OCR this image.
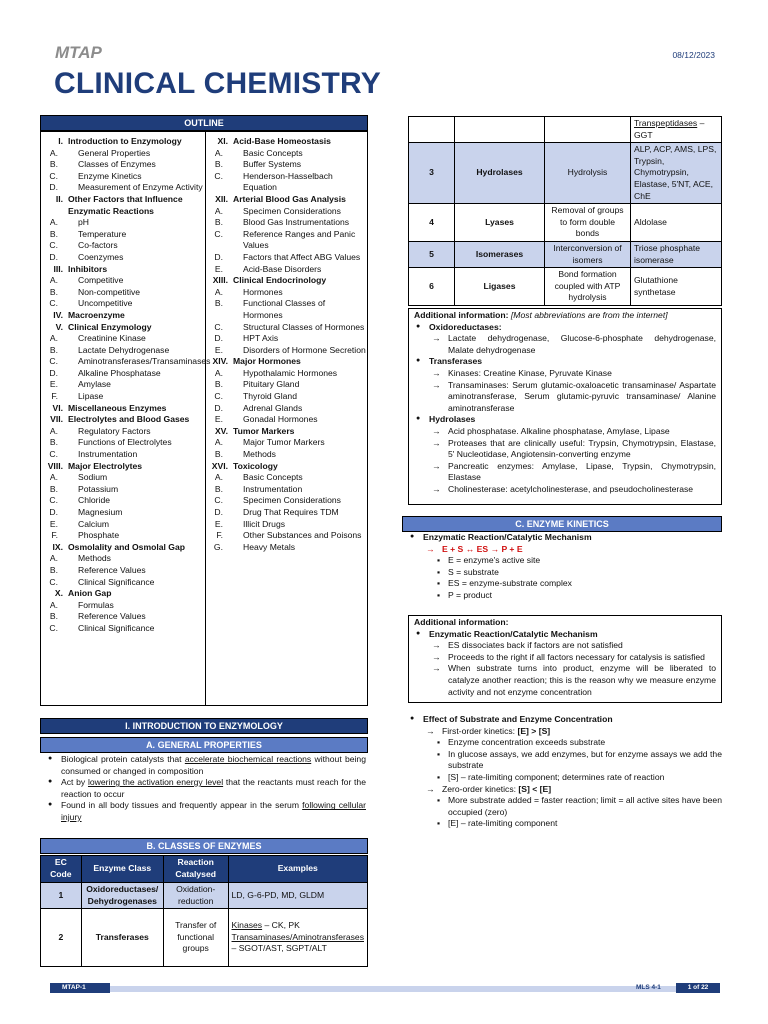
MTAP	08/12/2023
CLINICAL CHEMISTRY
OUTLINE
I. Introduction to Enzymology
A.	General Properties
B.	Classes of Enzymes
C.	Enzyme Kinetics
D.	Measurement of Enzyme Activity
II. Other Factors that Influence Enzymatic Reactions
A.	pH
B.	Temperature
C.	Co-factors
D.	Coenzymes
III. Inhibitors
A.	Competitive
B.	Non-competitive
C.	Uncompetitive
IV. Macroenzyme
V. Clinical Enzymology
A.	Creatinine Kinase
B.	Lactate Dehydrogenase
C.	Aminotransferases/Transaminases
D.	Alkaline Phosphatase
E.	Amylase
F.	Lipase
VI. Miscellaneous Enzymes
VII. Electrolytes and Blood Gases
A.	Regulatory Factors
B.	Functions of Electrolytes
C.	Instrumentation
VIII. Major Electrolytes
A.	Sodium
B.	Potassium
C.	Chloride
D.	Magnesium
E.	Calcium
F.	Phosphate
IX. Osmolality and Osmolal Gap
A.	Methods
B.	Reference Values
C.	Clinical Significance
X. Anion Gap
A.	Formulas
B.	Reference Values
C.	Clinical Significance
XI. Acid-Base Homeostasis
A.	Basic Concepts
B.	Buffer Systems
C.	Henderson-Hasselbach Equation
XII. Arterial Blood Gas Analysis
A.	Specimen Considerations
B.	Blood Gas Instrumentations
C.	Reference Ranges and Panic Values
D.	Factors that Affect ABG Values
E.	Acid-Base Disorders
XIII. Clinical Endocrinology
A.	Hormones
B.	Functional Classes of Hormones
C.	Structural Classes of Hormones
D.	HPT Axis
E.	Disorders of Hormone Secretion
XIV. Major Hormones
A.	Hypothalamic Hormones
B.	Pituitary Gland
C.	Thyroid Gland
D.	Adrenal Glands
E.	Gonadal Hormones
XV. Tumor Markers
A.	Major Tumor Markers
B.	Methods
XVI. Toxicology
A.	Basic Concepts
B.	Instrumentation
C.	Specimen Considerations
D.	Drug That Requires TDM
E.	Illicit Drugs
F.	Other Substances and Poisons
G.	Heavy Metals
I. INTRODUCTION TO ENZYMOLOGY
A. GENERAL PROPERTIES
● Biological protein catalysts that accelerate biochemical reactions without being consumed or changed in composition
● Act by lowering the activation energy level that the reactants must reach for the reaction to occur
● Found in all body tissues and frequently appear in the serum following cellular injury
B. CLASSES OF ENZYMES
EC Code	Enzyme Class	Reaction Catalysed	Examples
1	Oxidoreductases/ Dehydrogenases	Oxidation-reduction	LD, G-6-PD, MD, GLDM
2	Transferases	Transfer of functional groups	Kinases – CK, PK
Transaminases/Aminotransferases – SGOT/AST, SGPT/ALT
			Transpeptidases – GGT
3	Hydrolases	Hydrolysis	ALP, ACP, AMS, LPS, Trypsin, Chymotrypsin, Elastase, 5'NT, ACE, ChE
4	Lyases	Removal of groups to form double bonds	Aldolase
5	Isomerases	Interconversion of isomers	Triose phosphate isomerase
6	Ligases	Bond formation coupled with ATP hydrolysis	Glutathione synthetase
Additional information: [Most abbreviations are from the internet]
● Oxidoreductases:
→ Lactate dehydrogenase, Glucose-6-phosphate dehydrogenase, Malate dehydrogenase
● Transferases
→ Kinases: Creatine Kinase, Pyruvate Kinase
→ Transaminases: Serum glutamic-oxaloacetic transaminase/ Aspartate aminotransferase, Serum glutamic-pyruvic transaminase/ Alanine aminotransferase
● Hydrolases
→ Acid phosphatase. Alkaline phosphatase, Amylase, Lipase
→ Proteases that are clinically useful: Trypsin, Chymotrypsin, Elastase, 5' Nucleotidase, Angiotensin-converting enzyme
→ Pancreatic enzymes: Amylase, Lipase, Trypsin, Chymotrypsin, Elastase
→ Cholinesterase: acetylcholinesterase, and pseudocholinesterase
C. ENZYME KINETICS
● Enzymatic Reaction/Catalytic Mechanism
→ E + S ↔ ES → P + E
▪ E = enzyme's active site
▪ S = substrate
▪ ES = enzyme-substrate complex
▪ P = product
Additional information:
● Enzymatic Reaction/Catalytic Mechanism
→ ES dissociates back if factors are not satisfied
→ Proceeds to the right if all factors necessary for catalysis is satisfied
→ When substrate turns into product, enzyme will be liberated to catalyze another reaction; this is the reason why we measure enzyme activity and not enzyme concentration
● Effect of Substrate and Enzyme Concentration
→ First-order kinetics: [E] > [S]
▪ Enzyme concentration exceeds substrate
▪ In glucose assays, we add enzymes, but for enzyme assays we add the substrate
▪ [S] – rate-limiting component; determines rate of reaction
→ Zero-order kinetics: [S] < [E]
▪ More substrate added = faster reaction; limit = all active sites have been occupied (zero)
▪ [E] – rate-limiting component
MTAP-1	MLS 4-1	1 of 22
